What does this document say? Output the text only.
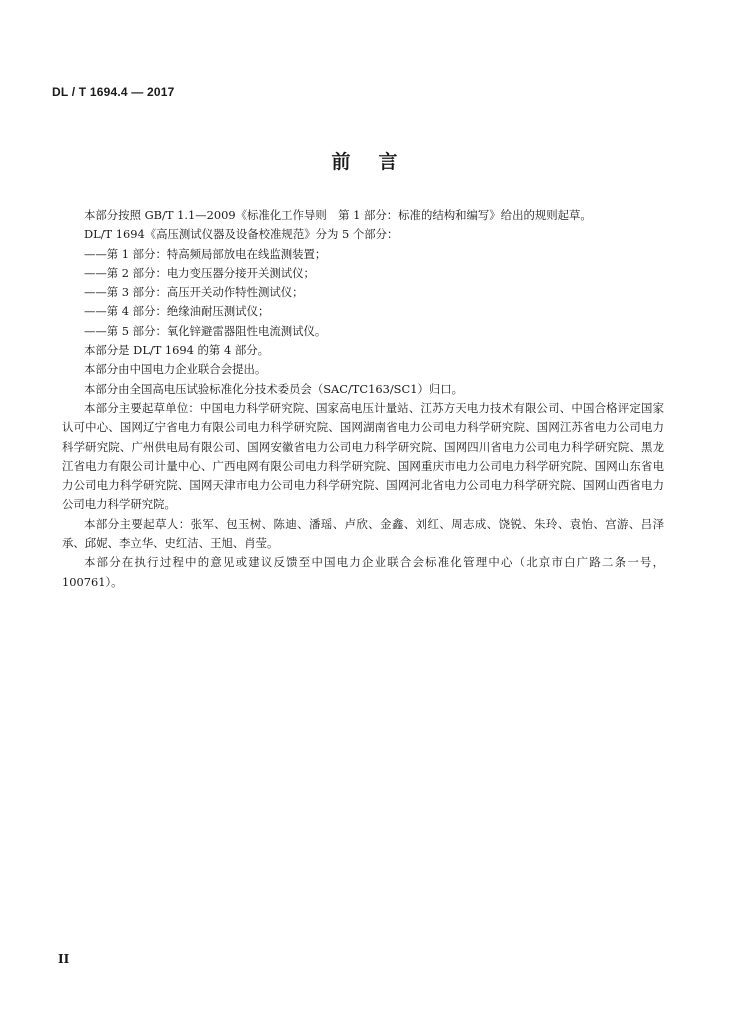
DL / T 1694.4 — 2017
前言

本部分按照 GB/T 1.1—2009《标准化工作导则　第 1 部分：标准的结构和编写》给出的规则起草。

DL/T 1694《高压测试仪器及设备校准规范》分为 5 个部分：

——第 1 部分：特高频局部放电在线监测装置；

——第 2 部分：电力变压器分接开关测试仪；

——第 3 部分：高压开关动作特性测试仪；

——第 4 部分：绝缘油耐压测试仪；

——第 5 部分：氧化锌避雷器阻性电流测试仪。

本部分是 DL/T 1694 的第 4 部分。

本部分由中国电力企业联合会提出。

本部分由全国高电压试验标准化分技术委员会（SAC/TC163/SC1）归口。

本部分主要起草单位：中国电力科学研究院、国家高电压计量站、江苏方天电力技术有限公司、中国合格评定国家认可中心、国网辽宁省电力有限公司电力科学研究院、国网湖南省电力公司电力科学研究院、国网江苏省电力公司电力科学研究院、广州供电局有限公司、国网安徽省电力公司电力科学研究院、国网四川省电力公司电力科学研究院、黑龙江省电力有限公司计量中心、广西电网有限公司电力科学研究院、国网重庆市电力公司电力科学研究院、国网山东省电力公司电力科学研究院、国网天津市电力公司电力科学研究院、国网河北省电力公司电力科学研究院、国网山西省电力公司电力科学研究院。

本部分主要起草人：张军、包玉树、陈迪、潘瑶、卢欣、金鑫、刘红、周志成、饶锐、朱玲、袁怡、宫游、吕泽承、邱妮、李立华、史红洁、王旭、肖莹。

本部分在执行过程中的意见或建议反馈至中国电力企业联合会标准化管理中心（北京市白广路二条一号，100761）。

II
